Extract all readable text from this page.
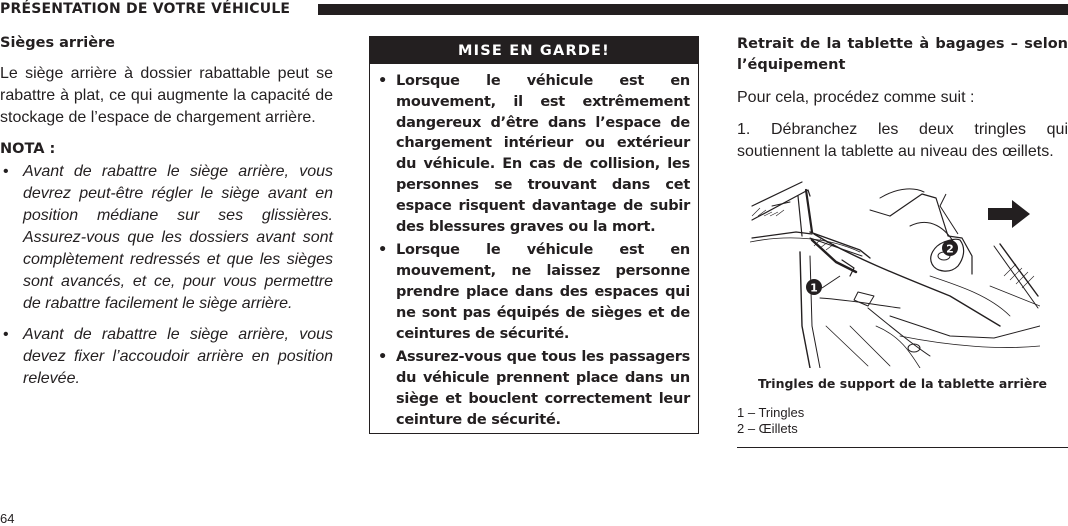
PRÉSENTATION DE VOTRE VÉHICULE
Sièges arrière

Le siège arrière à dossier rabattable peut se rabattre à plat, ce qui augmente la capacité de stockage de l’espace de chargement arrière.

NOTA :
• Avant de rabattre le siège arrière, vous devrez peut-être régler le siège avant en position médiane sur ses glissières. Assurez-vous que les dossiers avant sont complètement redressés et que les sièges sont avancés, et ce, pour vous permettre de rabattre facilement le siège arrière.
• Avant de rabattre le siège arrière, vous devez fixer l’accoudoir arrière en position relevée.
MISE EN GARDE!
• Lorsque le véhicule est en mouvement, il est extrêmement dangereux d’être dans l’espace de chargement intérieur ou extérieur du véhicule. En cas de collision, les personnes se trouvant dans cet espace risquent davantage de subir des blessures graves ou la mort.
• Lorsque le véhicule est en mouvement, ne laissez personne prendre place dans des espaces qui ne sont pas équipés de sièges et de ceintures de sécurité.
• Assurez-vous que tous les passagers du véhicule prennent place dans un siège et bouclent correctement leur ceinture de sécurité.
Retrait de la tablette à bagages – selon l’équipement

Pour cela, procédez comme suit :

1. Débranchez les deux tringles qui soutiennent la tablette au niveau des œillets.

2
1
Tringles de support de la tablette arrière
1 – Tringles
2 – Œillets
64
